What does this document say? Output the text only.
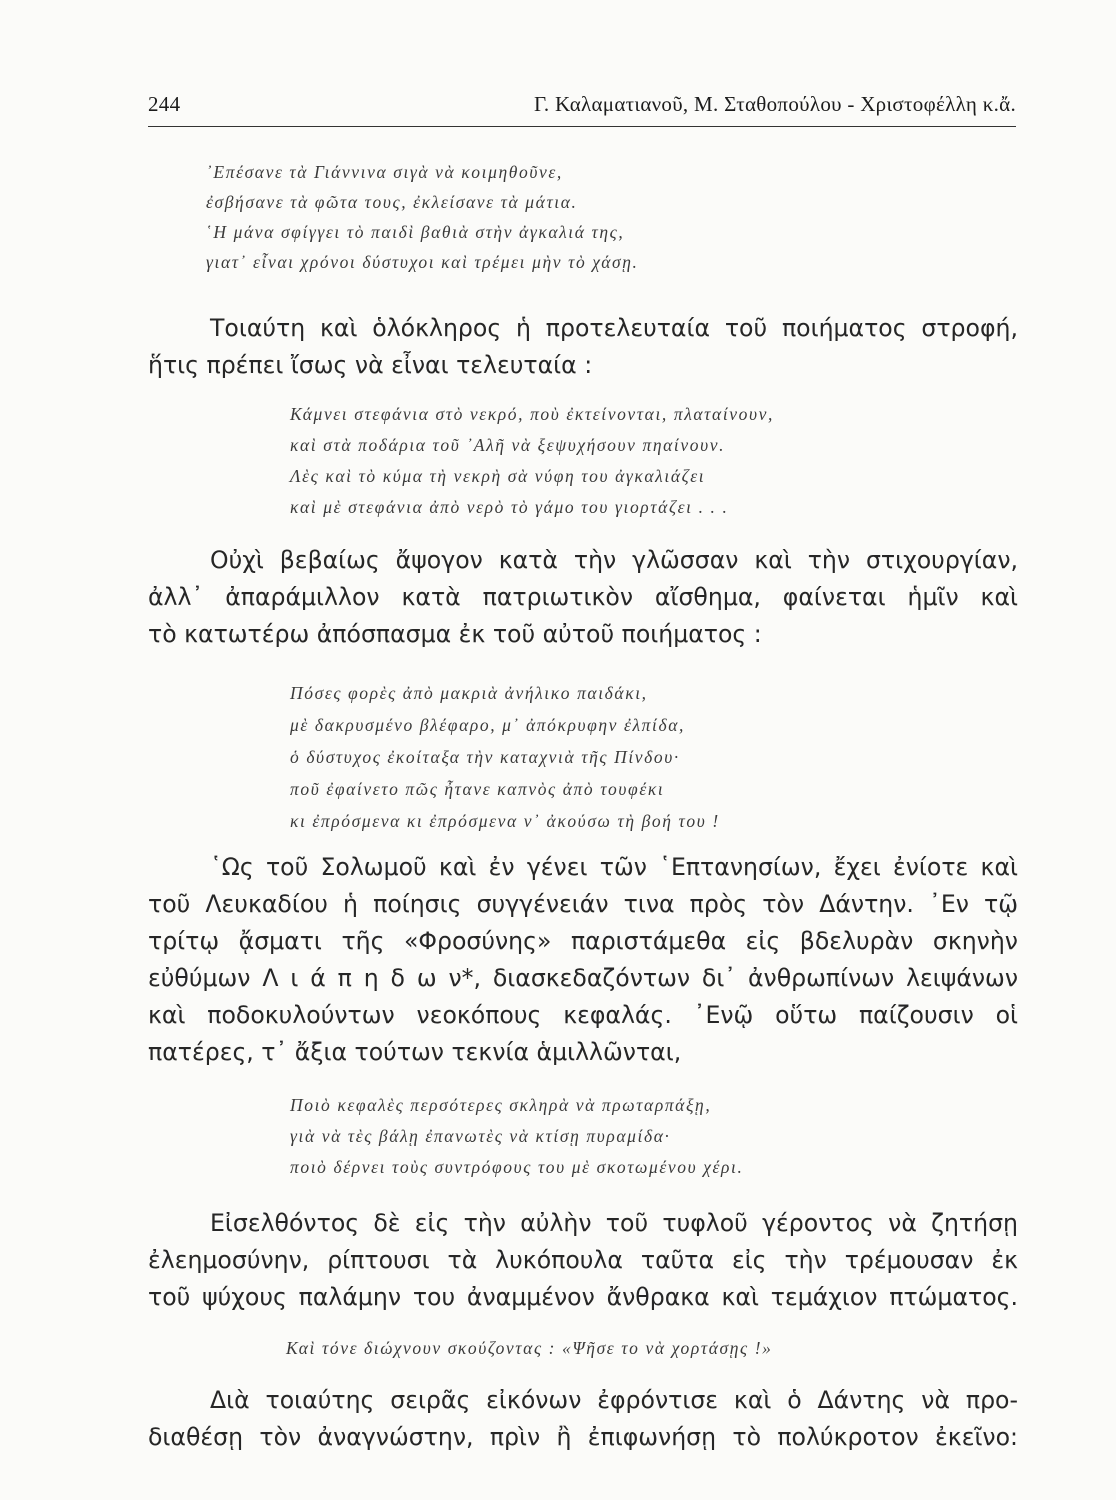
244	Γ. Καλαματιανοῦ, Μ. Σταθοπούλου - Χριστοφέλλη κ.ἄ.
᾿Επέσανε τὰ Γιάννινα σιγὰ νὰ κοιμηθοῦνε,
ἐσβήσανε τὰ φῶτα τους, ἐκλείσανε τὰ μάτια.
῾Η μάνα σφίγγει τὸ παιδὶ βαθιὰ στὴν ἀγκαλιά της,
γιατ᾿ εἶναι χρόνοι δύστυχοι καὶ τρέμει μὴν τὸ χάσῃ.
Τοιαύτη καὶ ὁλόκληρος ἡ προτελευταία τοῦ ποιήματος στροφή,
ἥτις πρέπει ἴσως νὰ εἶναι τελευταία :
Κάμνει στεφάνια στὸ νεκρό, ποὺ ἐκτείνονται, πλαταίνουν,
καὶ στὰ ποδάρια τοῦ ᾿Αλῆ νὰ ξεψυχήσουν πηαίνουν.
Λὲς καὶ τὸ κύμα τὴ νεκρὴ σὰ νύφη του ἀγκαλιάζει
καὶ μὲ στεφάνια ἀπὸ νερὸ τὸ γάμο του γιορτάζει . . .
Οὐχὶ βεβαίως ἄψογον κατὰ τὴν γλῶσσαν καὶ τὴν στιχουργίαν,
ἀλλ᾿ ἀπαράμιλλον κατὰ πατριωτικὸν αἴσθημα, φαίνεται ἡμῖν καὶ
τὸ κατωτέρω ἀπόσπασμα ἐκ τοῦ αὐτοῦ ποιήματος :
Πόσες φορὲς ἀπὸ μακριὰ ἀνήλικο παιδάκι,
μὲ δακρυσμένο βλέφαρο, μ᾿ ἀπόκρυφην ἐλπίδα,
ὁ δύστυχος ἐκοίταξα τὴν καταχνιὰ τῆς Πίνδου·
ποῦ ἐφαίνετο πῶς ἦτανε καπνὸς ἀπὸ τουφέκι
κι ἐπρόσμενα κι ἐπρόσμενα ν᾿ ἀκούσω τὴ βοή του !
῾Ως τοῦ Σολωμοῦ καὶ ἐν γένει τῶν ῾Επτανησίων, ἔχει ἐνίοτε καὶ
τοῦ Λευκαδίου ἡ ποίησις συγγένειάν τινα πρὸς τὸν Δάντην. ᾿Εν τῷ
τρίτῳ ᾄσματι τῆς «Φροσύνης» παριστάμεθα εἰς βδελυρὰν σκηνὴν
εὐθύμων Λ ι ά π η δ ω ν*, διασκεδαζόντων δι᾿ ἀνθρωπίνων λειψάνων
καὶ ποδοκυλούντων νεοκόπους κεφαλάς. ᾿Ενῷ οὕτω παίζουσιν οἱ
πατέρες, τ᾿ ἄξια τούτων τεκνία ἁμιλλῶνται,
Ποιὸ κεφαλὲς περσότερες σκληρὰ νὰ πρωταρπάξῃ,
γιὰ νὰ τὲς βάλῃ ἐπανωτὲς νὰ κτίσῃ πυραμίδα·
ποιὸ δέρνει τοὺς συντρόφους του μὲ σκοτωμένου χέρι.
Εἰσελθόντος δὲ εἰς τὴν αὐλὴν τοῦ τυφλοῦ γέροντος νὰ ζητήσῃ
ἐλεημοσύνην, ρίπτουσι τὰ λυκόπουλα ταῦτα εἰς τὴν τρέμουσαν ἐκ
τοῦ ψύχους παλάμην του ἀναμμένον ἄνθρακα καὶ τεμάχιον πτώματος.
Καὶ τόνε διώχνουν σκούζοντας : «Ψῆσε το νὰ χορτάσῃς !»
Διὰ τοιαύτης σειρᾶς εἰκόνων ἐφρόντισε καὶ ὁ Δάντης νὰ προ-
διαθέσῃ τὸν ἀναγνώστην, πρὶν ἢ ἐπιφωνήσῃ τὸ πολύκροτον ἐκεῖνο:
